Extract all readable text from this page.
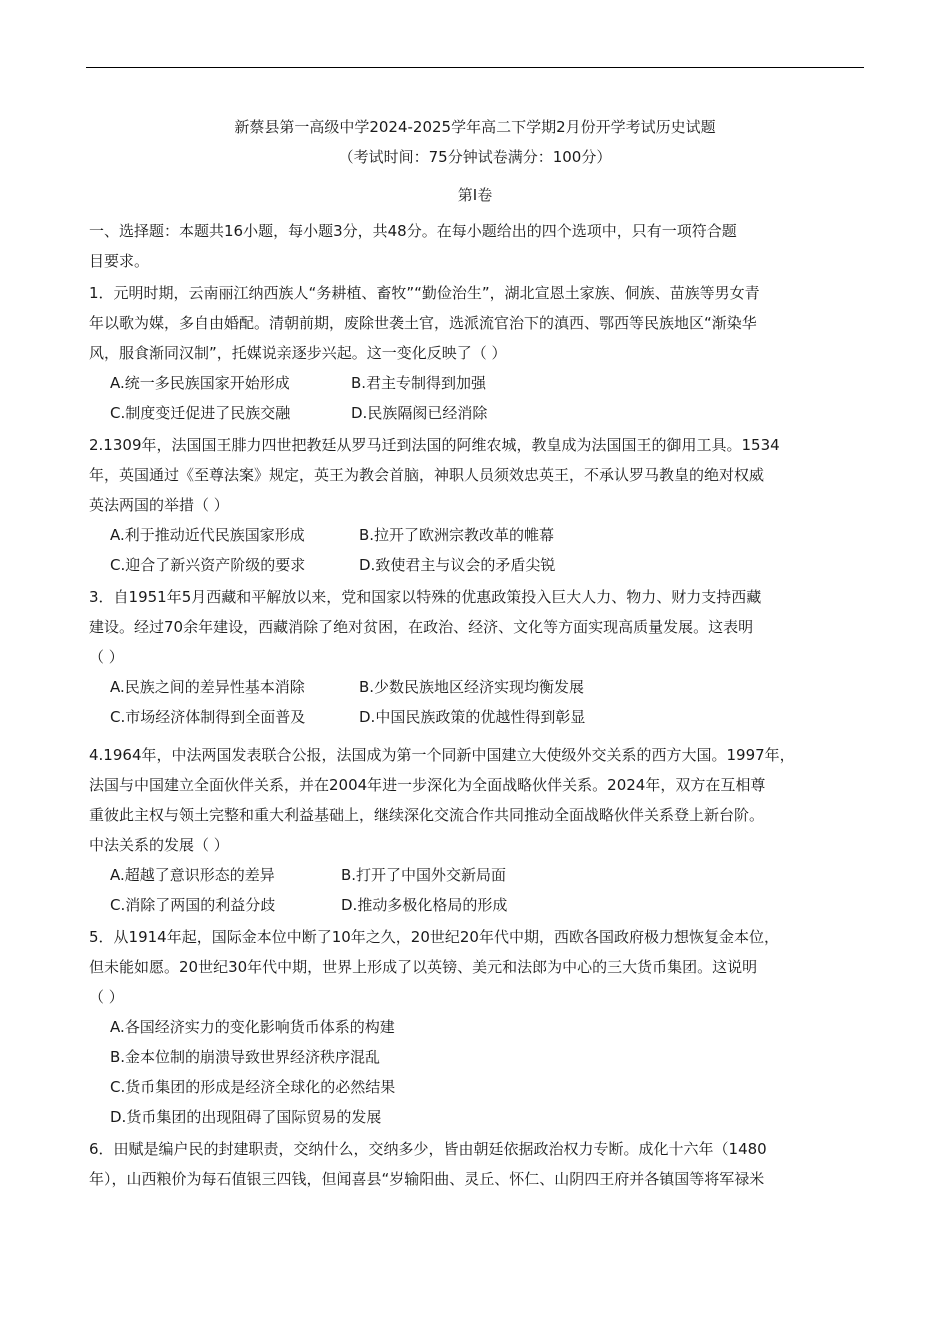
新蔡县第一高级中学2024-2025学年高二下学期2月份开学考试历史试题
（考试时间：75分钟试卷满分：100分）
第I卷

一、选择题：本题共16小题，每小题3分，共48分。在每小题给出的四个选项中，只有一项符合题

目要求。

1．元明时期，云南丽江纳西族人“务耕植、畜牧”“勤俭治生”，湖北宣恩土家族、侗族、苗族等男女青

年以歌为媒，多自由婚配。清朝前期，废除世袭土官，选派流官治下的滇西、鄂西等民族地区“渐染华

风，服食渐同汉制”，托媒说亲逐步兴起。这一变化反映了（ ）

A.统一多民族国家开始形成	B.君主专制得到加强
C.制度变迁促进了民族交融	D.民族隔阂已经消除

2.1309年，法国国王腓力四世把教廷从罗马迁到法国的阿维农城，教皇成为法国国王的御用工具。1534

年，英国通过《至尊法案》规定，英王为教会首脑，神职人员须效忠英王，不承认罗马教皇的绝对权威

英法两国的举措（ ）

A.利于推动近代民族国家形成	B.拉开了欧洲宗教改革的帷幕
C.迎合了新兴资产阶级的要求	D.致使君主与议会的矛盾尖锐

3．自1951年5月西藏和平解放以来，党和国家以特殊的优惠政策投入巨大人力、物力、财力支持西藏

建设。经过70余年建设，西藏消除了绝对贫困，在政治、经济、文化等方面实现高质量发展。这表明

（ ）

A.民族之间的差异性基本消除	B.少数民族地区经济实现均衡发展
C.市场经济体制得到全面普及	D.中国民族政策的优越性得到彰显

4.1964年，中法两国发表联合公报，法国成为第一个同新中国建立大使级外交关系的西方大国。1997年，

法国与中国建立全面伙伴关系，并在2004年进一步深化为全面战略伙伴关系。2024年，双方在互相尊

重彼此主权与领土完整和重大利益基础上，继续深化交流合作共同推动全面战略伙伴关系登上新台阶。

中法关系的发展（ ）

A.超越了意识形态的差异	B.打开了中国外交新局面
C.消除了两国的利益分歧	D.推动多极化格局的形成

5．从1914年起，国际金本位中断了10年之久，20世纪20年代中期，西欧各国政府极力想恢复金本位，

但未能如愿。20世纪30年代中期，世界上形成了以英镑、美元和法郎为中心的三大货币集团。这说明

（ ）

A.各国经济实力的变化影响货币体系的构建
B.金本位制的崩溃导致世界经济秩序混乱
C.货币集团的形成是经济全球化的必然结果
D.货币集团的出现阻碍了国际贸易的发展

6．田赋是编户民的封建职责，交纳什么，交纳多少，皆由朝廷依据政治权力专断。成化十六年（1480

年），山西粮价为每石值银三四钱，但闻喜县“岁输阳曲、灵丘、怀仁、山阴四王府并各镇国等将军禄米
